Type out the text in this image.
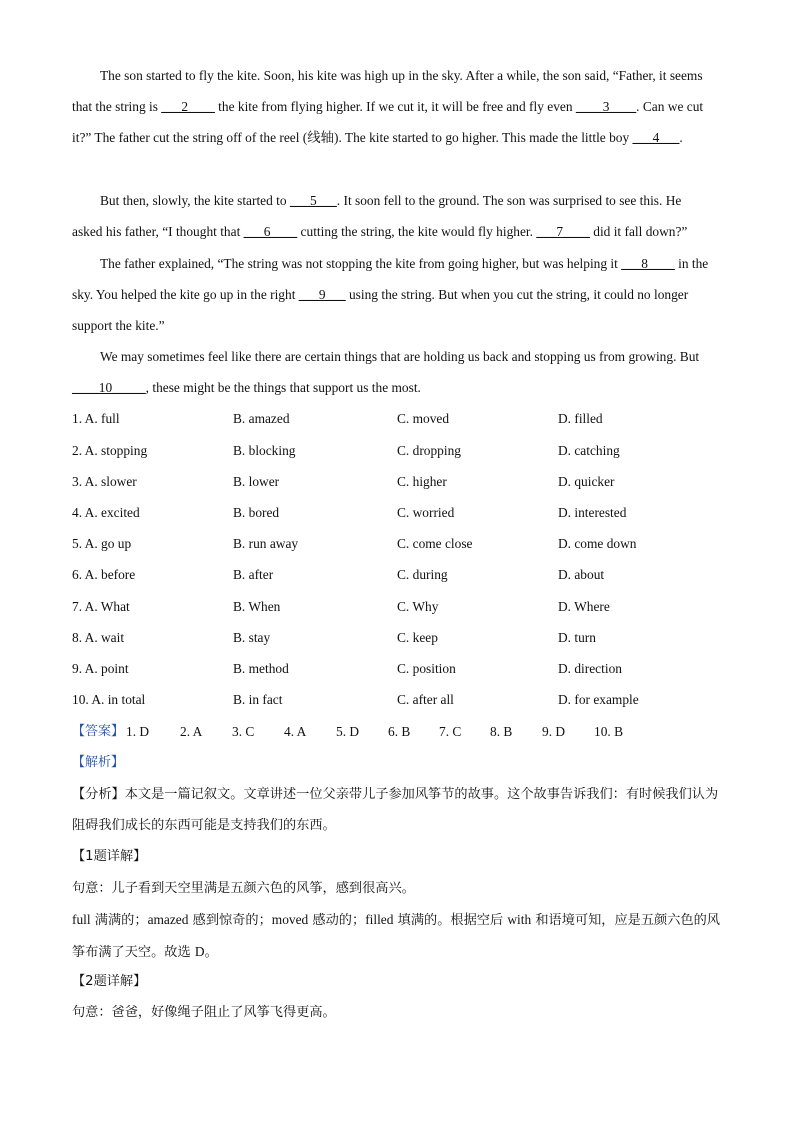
The son started to fly the kite. Soon, his kite was high up in the sky. After a while, the son said, “Father, it seems that the string is ___2____ the kite from flying higher. If we cut it, it will be free and fly even ____3____. Can we cut it?” The father cut the string off of the reel (线轴). The kite started to go higher. This made the little boy ___4___.

But then, slowly, the kite started to ___5___. It soon fell to the ground. The son was surprised to see this. He asked his father, “I thought that ___6____ cutting the string, the kite would fly higher. ___7____ did it fall down?”

The father explained, “The string was not stopping the kite from going higher, but was helping it ___8____ in the sky. You helped the kite go up in the right ___9___ using the string. But when you cut the string, it could no longer support the kite.”

We may sometimes feel like there are certain things that are holding us back and stopping us from growing. But ____10_____, these might be the things that support us the most.

1. A. full	B. amazed	C. moved	D. filled
2. A. stopping	B. blocking	C. dropping	D. catching
3. A. slower	B. lower	C. higher	D. quicker
4. A. excited	B. bored	C. worried	D. interested
5. A. go up	B. run away	C. come close	D. come down
6. A. before	B. after	C. during	D. about
7. A. What	B. When	C. Why	D. Where
8. A. wait	B. stay	C. keep	D. turn
9. A. point	B. method	C. position	D. direction
10. A. in total	B. in fact	C. after all	D. for example
【答案】 1. D 2. A 3. C 4. A 5. D 6. B 7. C 8. B 9. D 10. B

【解析】

【分析】本文是一篇记叙文。文章讲述一位父亲带儿子参加风筝节的故事。这个故事告诉我们：有时候我们认为阻碍我们成长的东西可能是支持我们的东西。

【1题详解】

句意：儿子看到天空里满是五颜六色的风筝，感到很高兴。

full 满满的；amazed 感到惊奇的；moved 感动的；filled 填满的。根据空后 with 和语境可知，应是五颜六色的风筝布满了天空。故选 D。

【2题详解】

句意：爸爸，好像绳子阻止了风筝飞得更高。
